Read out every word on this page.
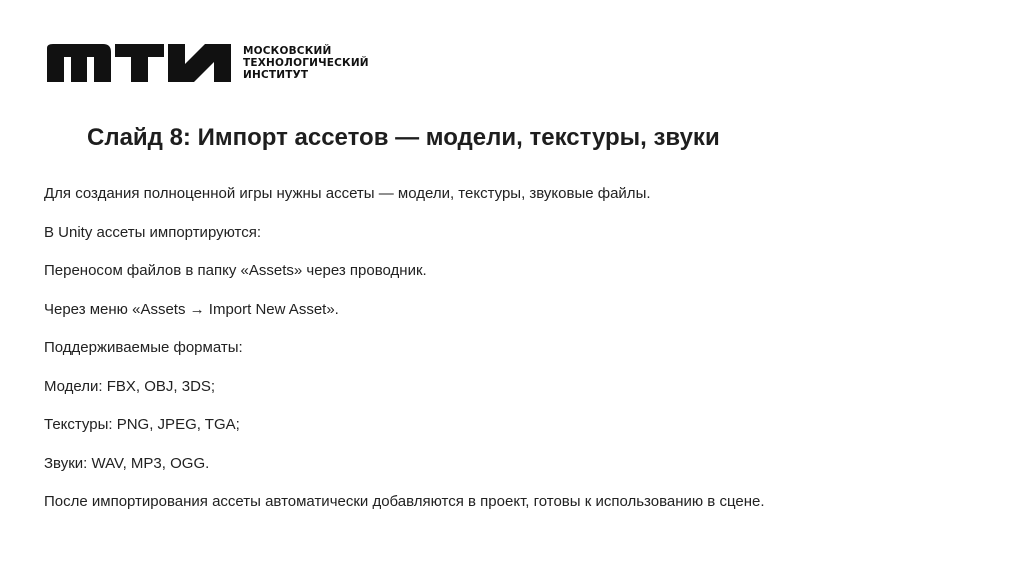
МОСКОВСКИЙ
ТЕХНОЛОГИЧЕСКИЙ
ИНСТИТУТ
Слайд 8: Импорт ассетов — модели, текстуры, звуки
Для создания полноценной игры нужны ассеты — модели, текстуры, звуковые файлы.
В Unity ассеты импортируются:
Переносом файлов в папку «Assets» через проводник.
Через меню «Assets → Import New Asset».
Поддерживаемые форматы:
Модели: FBX, OBJ, 3DS;
Текстуры: PNG, JPEG, TGA;
Звуки: WAV, MP3, OGG.
После импортирования ассеты автоматически добавляются в проект, готовы к использованию в сцене.
